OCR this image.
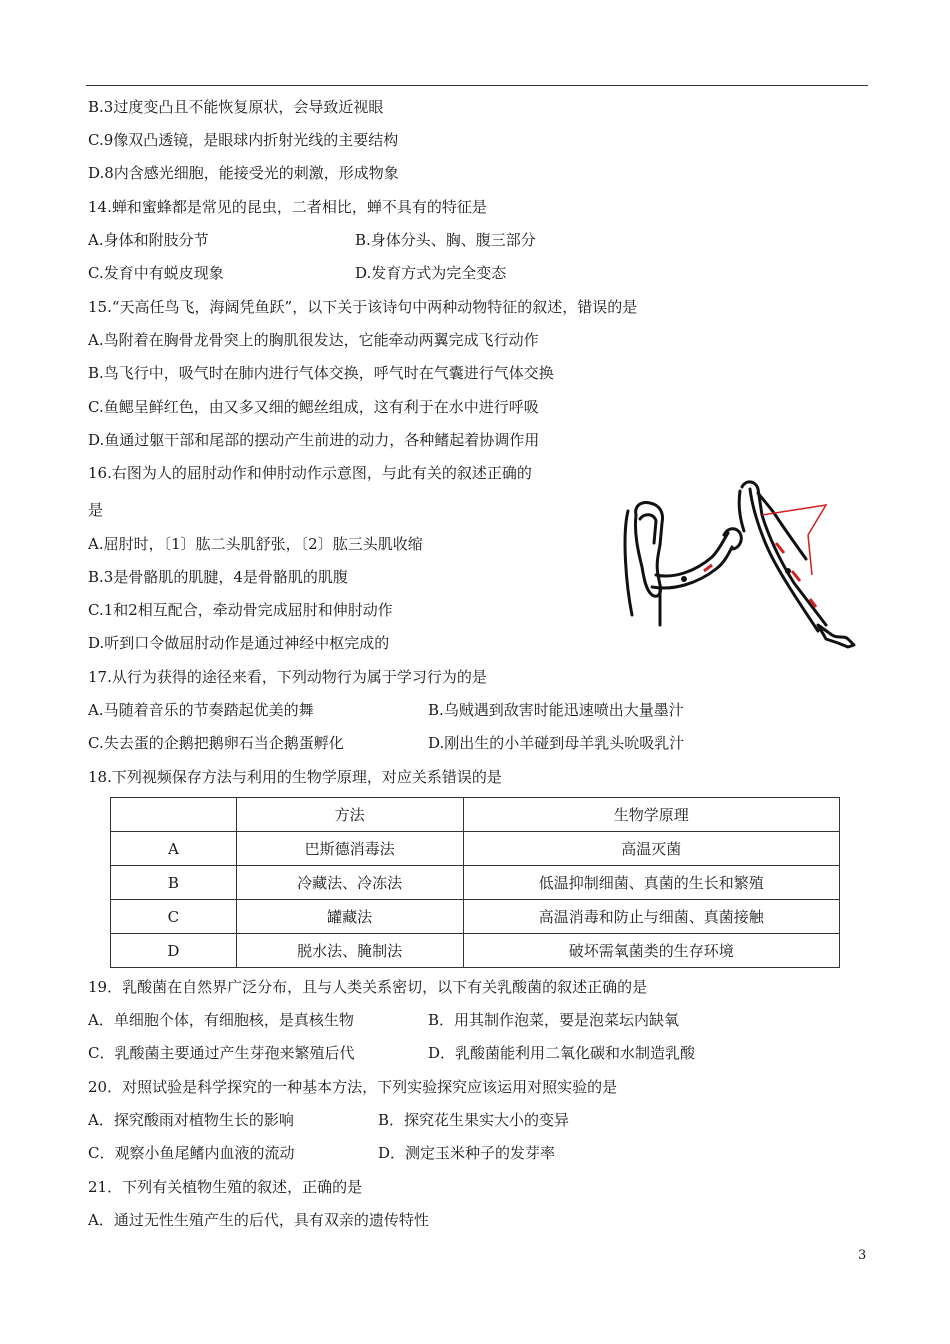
B.3过度变凸且不能恢复原状，会导致近视眼
C.9像双凸透镜，是眼球内折射光线的主要结构
D.8内含感光细胞，能接受光的刺激，形成物象
14.蝉和蜜蜂都是常见的昆虫，二者相比，蝉不具有的特征是
A.身体和附肢分节	B.身体分头、胸、腹三部分
C.发育中有蜕皮现象	D.发育方式为完全变态
15.“天高任鸟飞，海阔凭鱼跃”，以下关于该诗句中两种动物特征的叙述，错误的是
A.鸟附着在胸骨龙骨突上的胸肌很发达，它能牵动两翼完成飞行动作
B.鸟飞行中，吸气时在肺内进行气体交换，呼气时在气囊进行气体交换
C.鱼鳃呈鲜红色，由又多又细的鳃丝组成，这有利于在水中进行呼吸
D.鱼通过躯干部和尾部的摆动产生前进的动力，各种鳍起着协调作用
16.右图为人的屈肘动作和伸肘动作示意图，与此有关的叙述正确的
是
A.屈肘时，〔1〕肱二头肌舒张，〔2〕肱三头肌收缩
B.3是骨骼肌的肌腱，4是骨骼肌的肌腹
C.1和2相互配合，牵动骨完成屈肘和伸肘动作
D.听到口令做屈肘动作是通过神经中枢完成的
17.从行为获得的途径来看，下列动物行为属于学习行为的是
A.马随着音乐的节奏踏起优美的舞	B.乌贼遇到敌害时能迅速喷出大量墨汁
C.失去蛋的企鹅把鹅卵石当企鹅蛋孵化	D.刚出生的小羊碰到母羊乳头吮吸乳汁
18.下列视频保存方法与利用的生物学原理，对应关系错误的是
	方法	生物学原理
A	巴斯德消毒法	高温灭菌
B	冷藏法、冷冻法	低温抑制细菌、真菌的生长和繁殖
C	罐藏法	高温消毒和防止与细菌、真菌接触
D	脱水法、腌制法	破坏需氧菌类的生存环境
19．乳酸菌在自然界广泛分布，且与人类关系密切，以下有关乳酸菌的叙述正确的是
A．单细胞个体，有细胞核，是真核生物	B．用其制作泡菜，要是泡菜坛内缺氧
C．乳酸菌主要通过产生芽孢来繁殖后代	D．乳酸菌能利用二氧化碳和水制造乳酸
20．对照试验是科学探究的一种基本方法，下列实验探究应该运用对照实验的是
A．探究酸雨对植物生长的影响	B．探究花生果实大小的变异
C．观察小鱼尾鳍内血液的流动	D．测定玉米种子的发芽率
21．下列有关植物生殖的叙述，正确的是
A．通过无性生殖产生的后代，具有双亲的遗传特性
3
